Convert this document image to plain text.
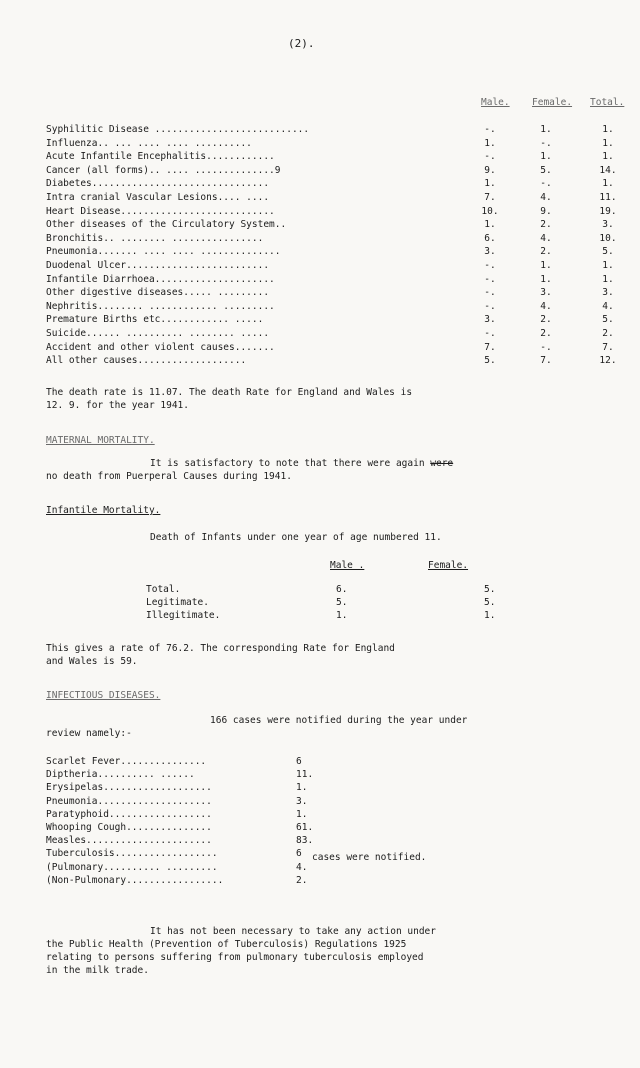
(2).
Male. Female. Total.
Syphilitic Disease ...........................	-.	1.	1.
Influenza.. ... .... .... ..........	1.	-.	1.
Acute Infantile Encephalitis............	-.	1.	1.
Cancer (all forms).. .... ..............9	9.	5.	14.
Diabetes...............................	1.	-.	1.
Intra cranial Vascular Lesions.... ....	7.	4.	11.
Heart Disease...........................	10.	9.	19.
Other diseases of the Circulatory System..	1.	2.	3.
Bronchitis.. ........ ................	6.	4.	10.
Pneumonia....... .... .... ..............	3.	2.	5.
Duodenal Ulcer.........................	-.	1.	1.
Infantile Diarrhoea.....................	-.	1.	1.
Other digestive diseases..... .........	-.	3.	3.
Nephritis........ ............ .........	-.	4.	4.
Premature Births etc............ .....	3.	2.	5.
Suicide...... .......... ........ .....	-.	2.	2.
Accident and other violent causes.......	7.	-.	7.
All other causes...................	5.	7.	12.
The death rate is 11.07. The death Rate for England and Wales is
12. 9. for the year 1941.
MATERNAL MORTALITY.
It is satisfactory to note that there were again were
no death from Puerperal Causes during 1941.
Infantile Mortality.
Death of Infants under one year of age numbered 11.
Male .	Female.
Total.	6.	5.
Legitimate.	5.	5.
Illegitimate.	1.	1.
This gives a rate of 76.2. The corresponding Rate for England
and Wales is 59.
INFECTIOUS DISEASES.
166 cases were notified during the year under
review namely:-
Scarlet Fever...............	6
Diptheria.......... ......	11.
Erysipelas...................	1.
Pneumonia....................	3.
Paratyphoid..................	1.
Whooping Cough...............	61.
Measles......................	83.
Tuberculosis..................	6
(Pulmonary.......... .........	4.
(Non-Pulmonary.................	2.
cases were notified.
It has not been necessary to take any action under
the Public Health (Prevention of Tuberculosis) Regulations 1925
relating to persons suffering from pulmonary tuberculosis employed
in the milk trade.
